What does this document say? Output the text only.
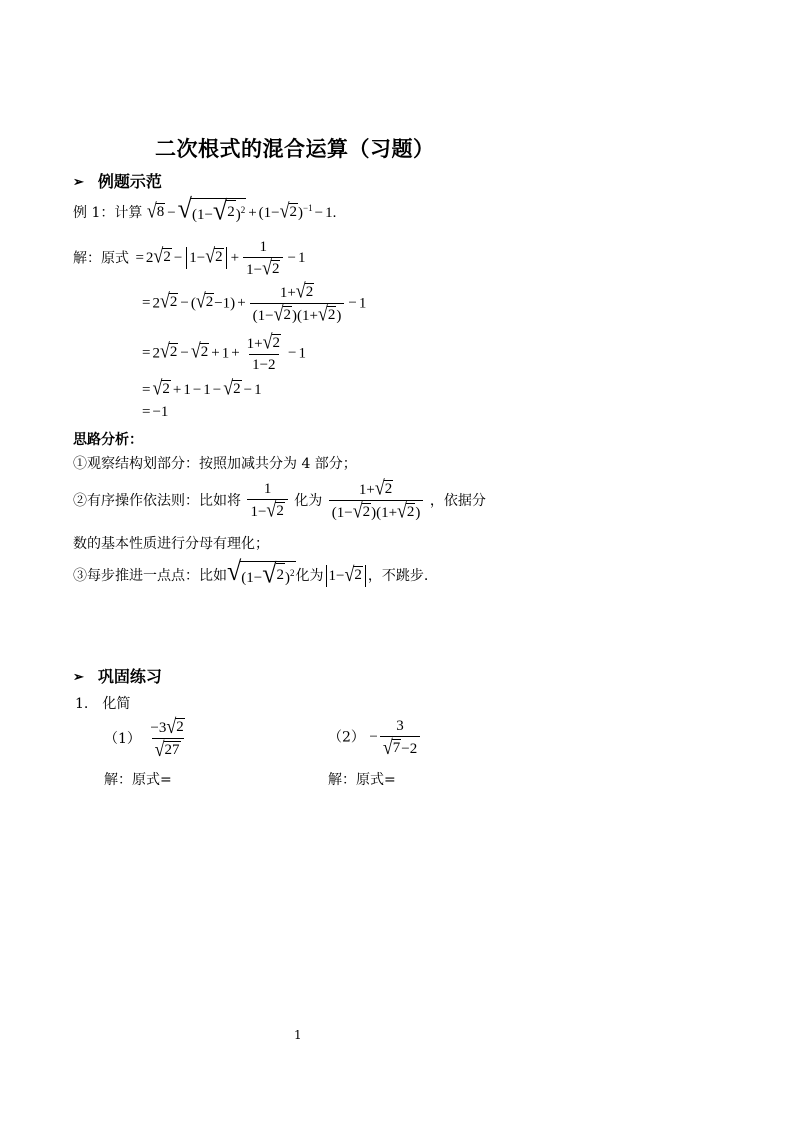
二次根式的混合运算（习题）
➢ 例题示范
例 1：计算 √ 8 − √ (1− √ 2 )$^2$ + (1− √ 2 )$^{-1}$ − 1.
解：原式 = 2 √ 2 − 1− √ $2 + \frac{1}{1- √ 2} - 1$
= 2 √ 2 − ( √ $2 -1) + \frac{1+ √ 2}{(1- √ 2 )(1+ √ 2 )} - 1$
= 2 √ 2 − √ $2 + 1 + \frac{1+ √ 2}{1-2} - 1$
= √ 2 + 1 − 1 − √ 2 − 1
= −1
思路分析：
①观察结构划部分：按照加减共分为 4 部分；
②有序操作依法则：比如将 $\frac{1}{1- √ 2}$ 化为 $\frac{1+ √ 2}{(1- √ 2 )(1+ √ 2 )}$ ，依据分
数的基本性质进行分母有理化；
③每步推进一点点：比如 √ (1− √ 2 )$^2$ 化为 1− √ 2 ，不跳步.
➢ 巩固练习
1. 化简
$(1) \frac{-3 √ 2}{√ 27}$	$(2) - \frac{3}{√ 7 -2}$
解：原式=	解：原式=
1
